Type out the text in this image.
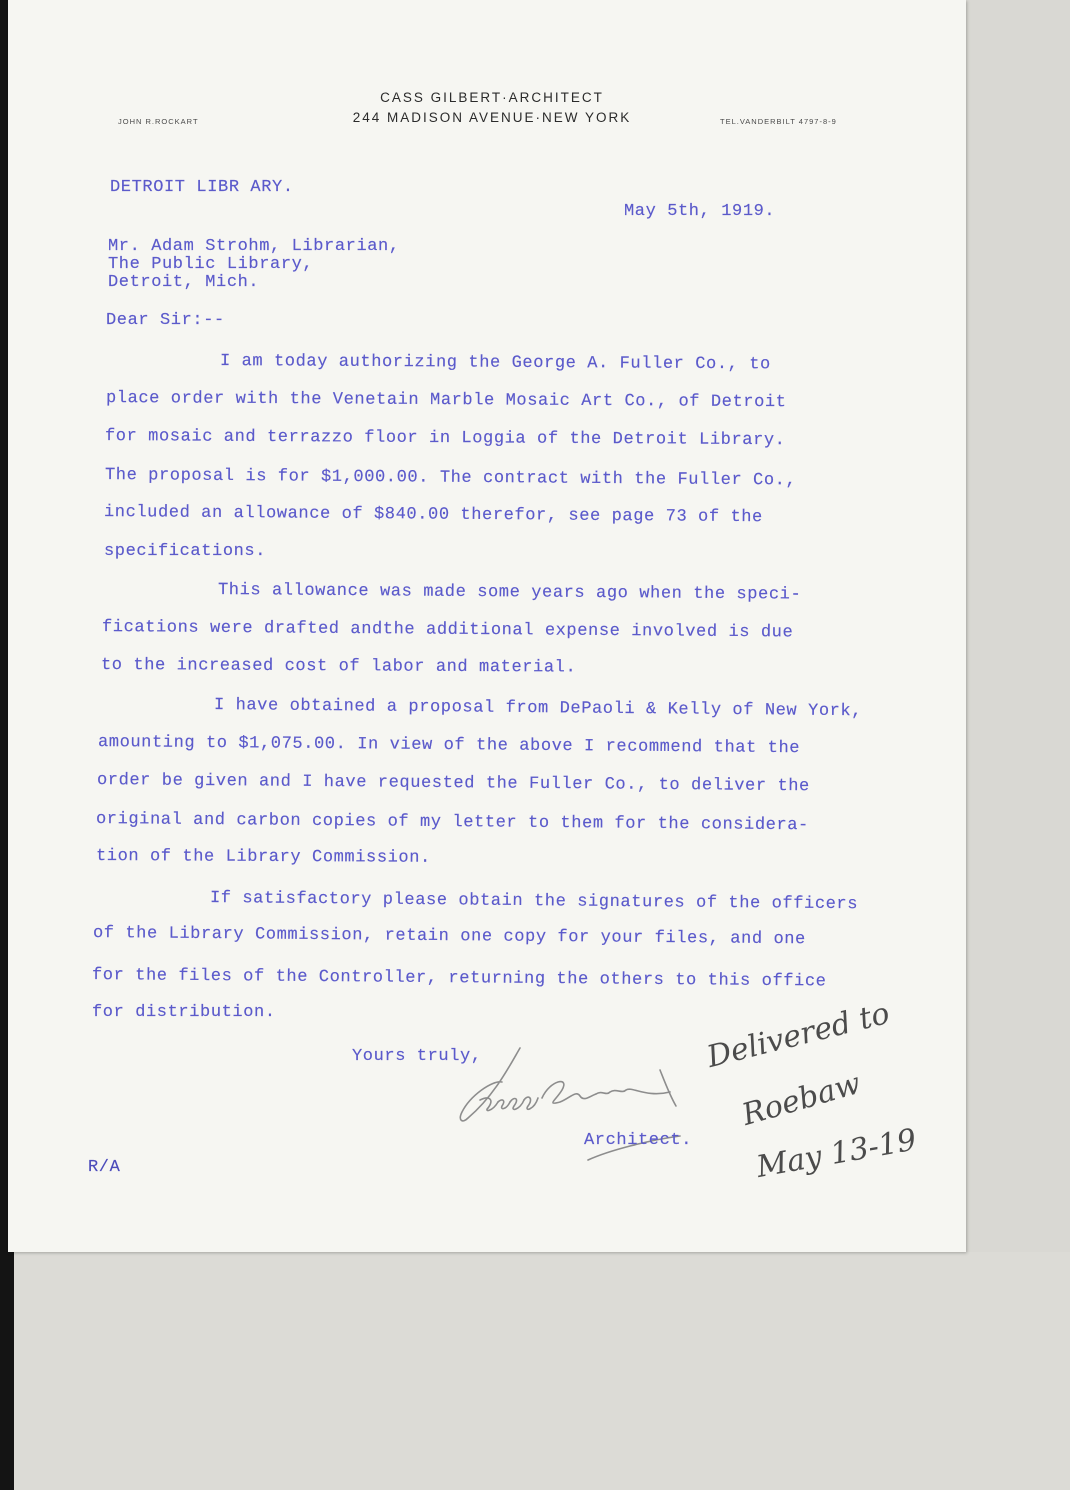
CASS GILBERT·ARCHITECT
244 MADISON AVENUE·NEW YORK
JOHN R.ROCKART	TEL.VANDERBILT 4797-8-9
DETROIT LIBR ARY.
May 5th, 1919.
Mr. Adam Strohm, Librarian,
The Public Library,
Detroit, Mich.
Dear Sir:--
I am today authorizing the George A. Fuller Co., to
place order with the Venetain Marble Mosaic Art Co., of Detroit
for mosaic and terrazzo floor in Loggia of the Detroit Library.
The proposal is for $1,000.00. The contract with the Fuller Co.,
included an allowance of $840.00 therefor, see page 73 of the
specifications.
This allowance was made some years ago when the speci-
fications were drafted andthe additional expense involved is due
to the increased cost of labor and material.
I have obtained a proposal from DePaoli & Kelly of New York,
amounting to $1,075.00. In view of the above I recommend that the
order be given and I have requested the Fuller Co., to deliver the
original and carbon copies of my letter to them for the considera-
tion of the Library Commission.
If satisfactory please obtain the signatures of the officers
of the Library Commission, retain one copy for your files, and one
for the files of the Controller, returning the others to this office
for distribution.
Yours truly,
Architect.
R/A
Delivered to
Roebaw
May 13-19
